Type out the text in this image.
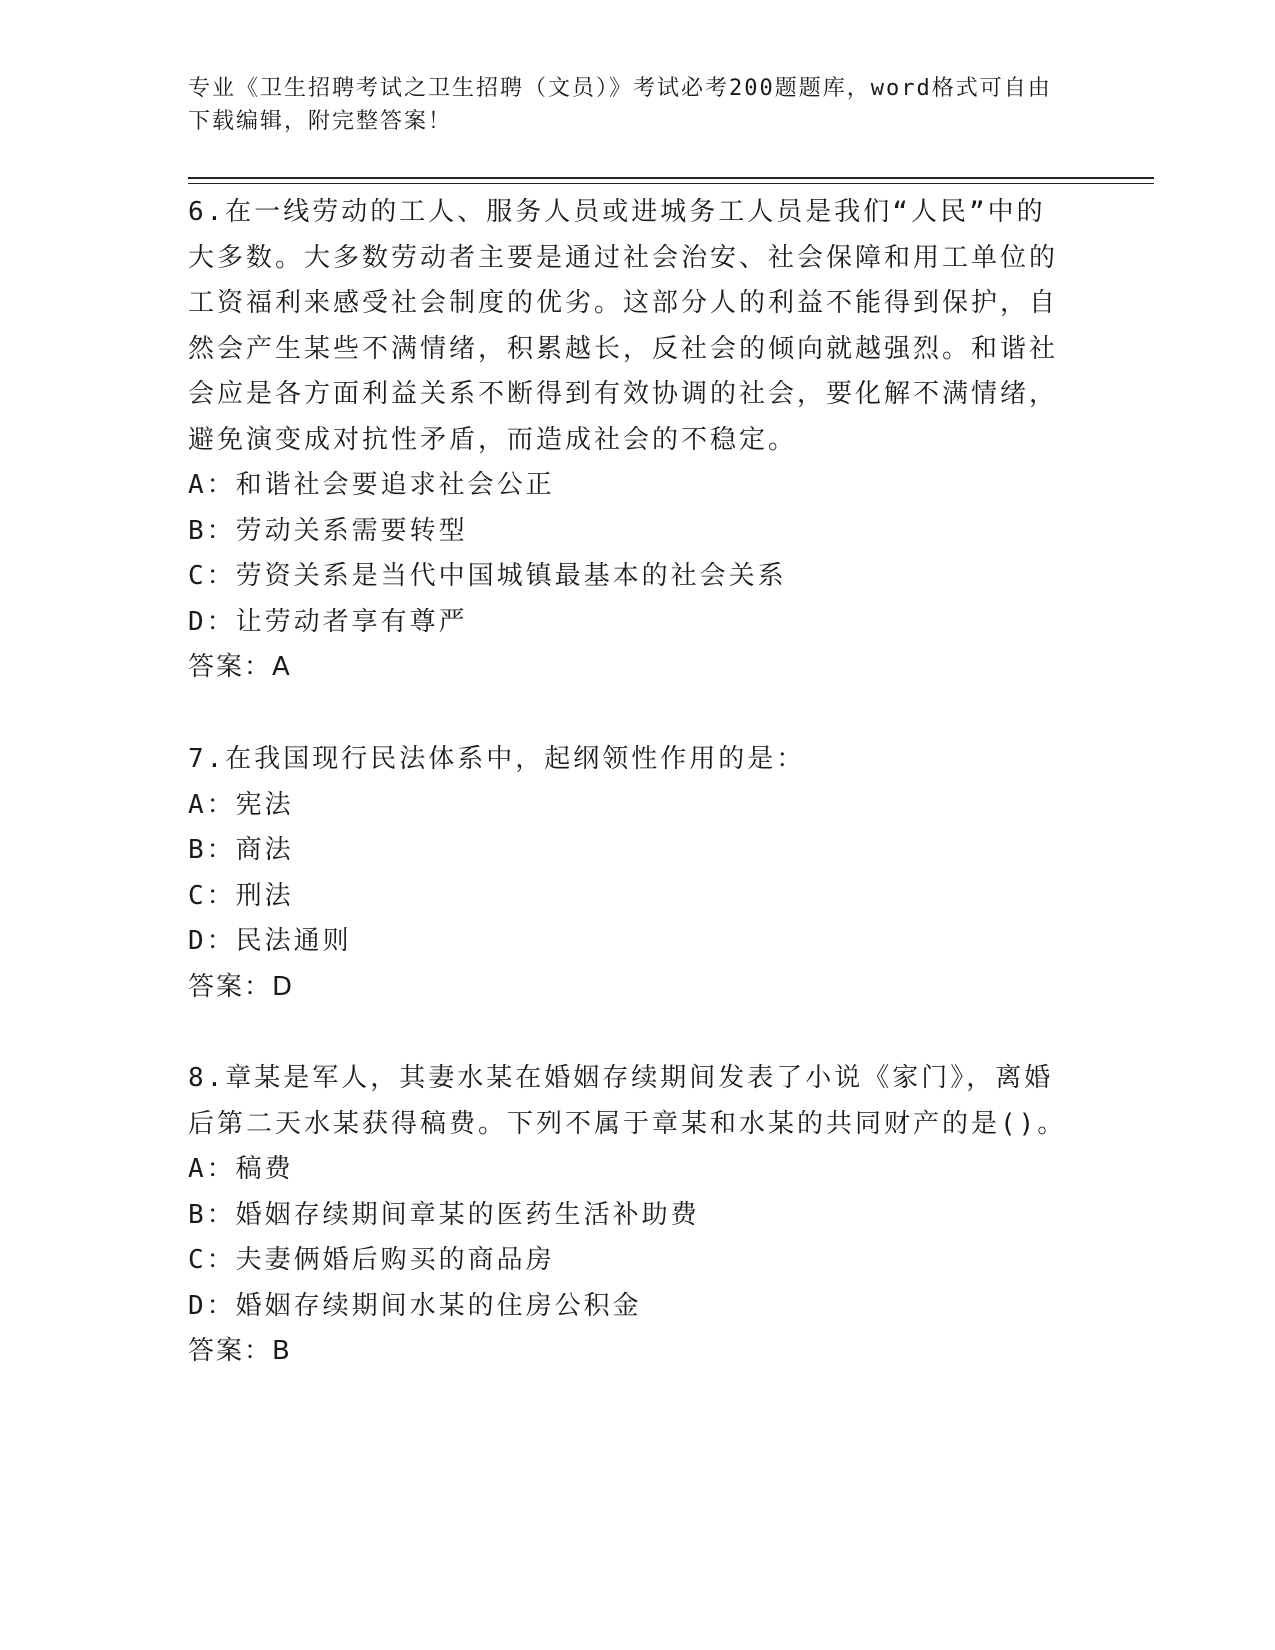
专业《卫生招聘考试之卫生招聘（文员）》考试必考200题题库，word格式可自由下载编辑，附完整答案！

6.在一线劳动的工人、服务人员或进城务工人员是我们“人民”中的大多数。大多数劳动者主要是通过社会治安、社会保障和用工单位的工资福利来感受社会制度的优劣。这部分人的利益不能得到保护，自然会产生某些不满情绪，积累越长，反社会的倾向就越强烈。和谐社会应是各方面利益关系不断得到有效协调的社会，要化解不满情绪，避免演变成对抗性矛盾，而造成社会的不稳定。

A：和谐社会要追求社会公正

B：劳动关系需要转型

C：劳资关系是当代中国城镇最基本的社会关系

D：让劳动者享有尊严

答案：A

7.在我国现行民法体系中，起纲领性作用的是：

A：宪法

B：商法

C：刑法

D：民法通则

答案：D

8.章某是军人，其妻水某在婚姻存续期间发表了小说《家门》，离婚后第二天水某获得稿费。下列不属于章某和水某的共同财产的是()。

A：稿费

B：婚姻存续期间章某的医药生活补助费

C：夫妻俩婚后购买的商品房

D：婚姻存续期间水某的住房公积金

答案：B
